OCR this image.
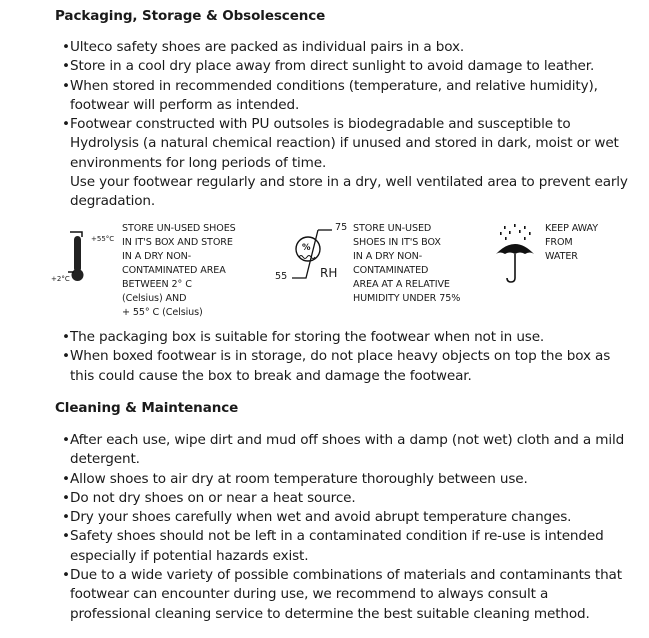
Packaging, Storage & Obsolescence
• Ulteco safety shoes are packed as individual pairs in a box.
• Store in a cool dry place away from direct sunlight to avoid damage to leather.
• When stored in recommended conditions (temperature, and relative humidity), footwear will perform as intended.
• Footwear constructed with PU outsoles is biodegradable and susceptible to Hydrolysis (a natural chemical reaction) if unused and stored in dark, moist or wet environments for long periods of time.
Use your footwear regularly and store in a dry, well ventilated area to prevent early degradation.
+55°C
+2°C
STORE UN-USED SHOES
IN IT'S BOX AND STORE
IN A DRY NON-
CONTAMINATED AREA
BETWEEN 2° C
(Celsius) AND
+ 55° C (Celsius)
%
75
55	RH
STORE UN-USED
SHOES IN IT'S BOX
IN A DRY NON-
CONTAMINATED
AREA AT A RELATIVE
HUMIDITY UNDER 75%
KEEP AWAY
FROM
WATER
• The packaging box is suitable for storing the footwear when not in use.
• When boxed footwear is in storage, do not place heavy objects on top the box as this could cause the box to break and damage the footwear.
Cleaning & Maintenance
• After each use, wipe dirt and mud off shoes with a damp (not wet) cloth and a mild detergent.
• Allow shoes to air dry at room temperature thoroughly between use.
• Do not dry shoes on or near a heat source.
• Dry your shoes carefully when wet and avoid abrupt temperature changes.
• Safety shoes should not be left in a contaminated condition if re-use is intended especially if potential hazards exist.
• Due to a wide variety of possible combinations of materials and contaminants that footwear can encounter during use, we recommend to always consult a professional cleaning service to determine the best suitable cleaning method.
